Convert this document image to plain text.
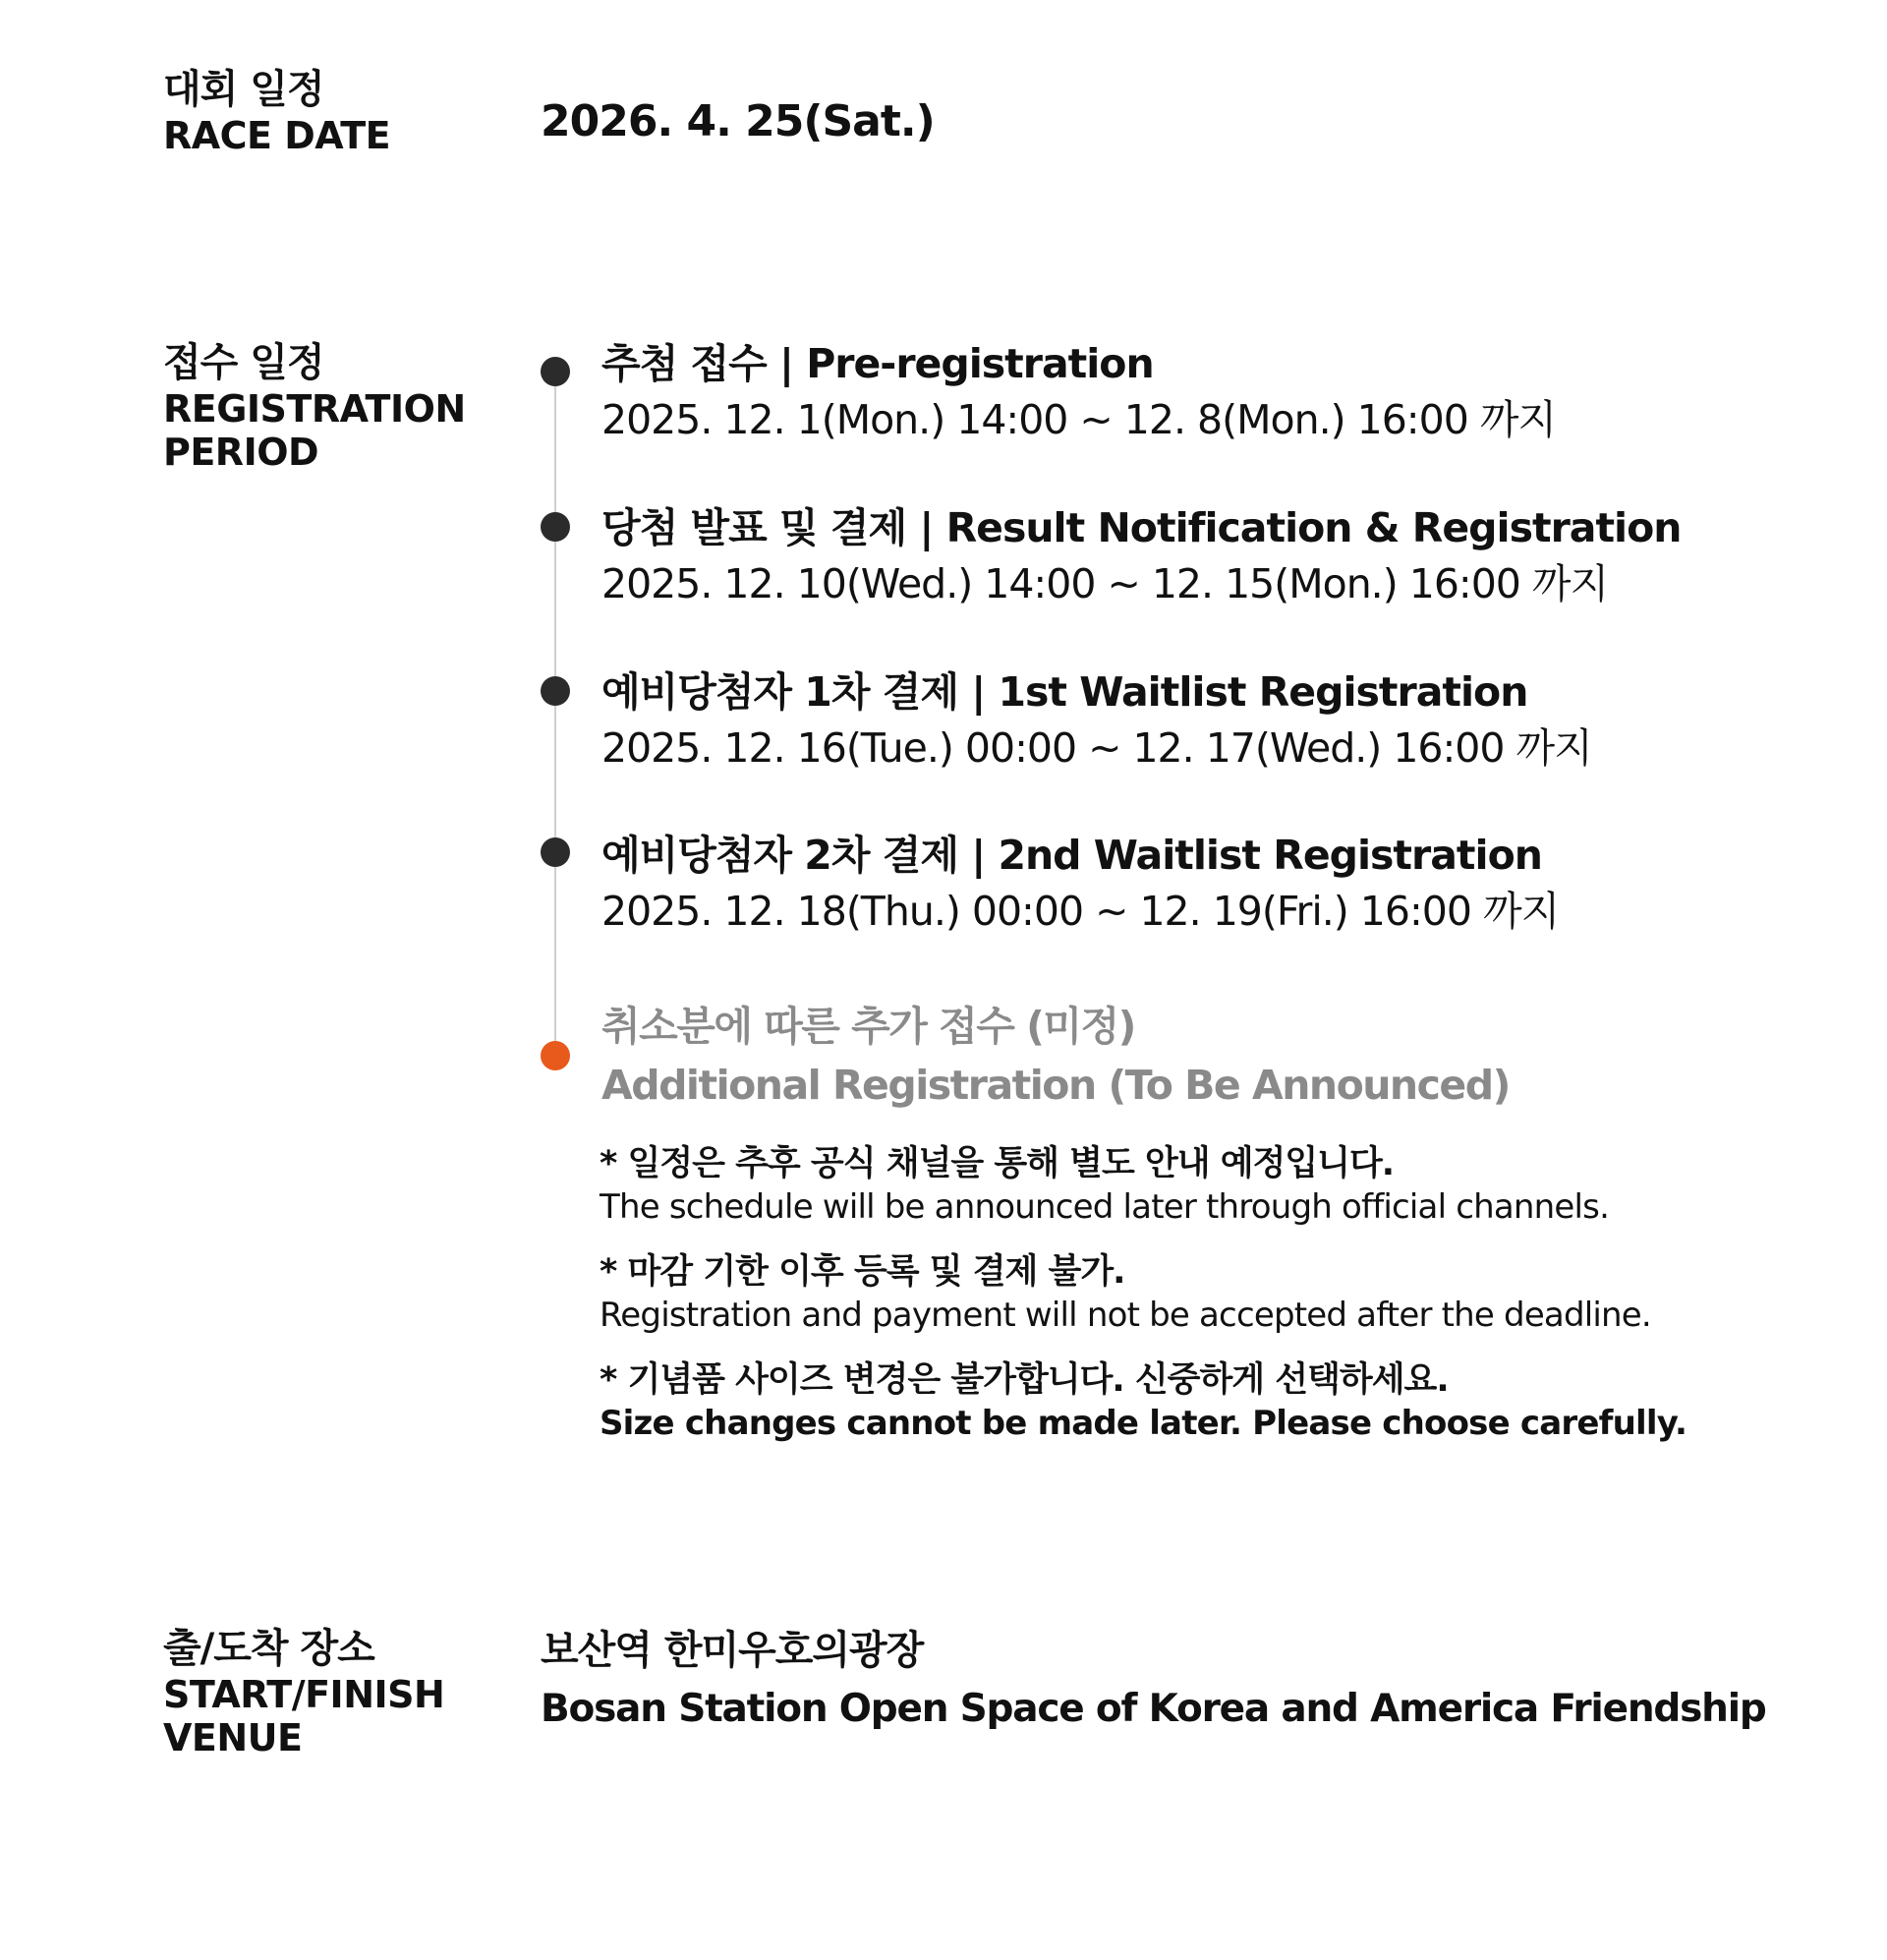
대회 일정
RACE DATE	2026. 4. 25(Sat.)
접수 일정
REGISTRATION
PERIOD
추첨 접수 | Pre-registration
2025. 12. 1(Mon.) 14:00 ~ 12. 8(Mon.) 16:00 까지
당첨 발표 및 결제 | Result Notification & Registration
2025. 12. 10(Wed.) 14:00 ~ 12. 15(Mon.) 16:00 까지
예비당첨자 1차 결제 | 1st Waitlist Registration
2025. 12. 16(Tue.) 00:00 ~ 12. 17(Wed.) 16:00 까지
예비당첨자 2차 결제 | 2nd Waitlist Registration
2025. 12. 18(Thu.) 00:00 ~ 12. 19(Fri.) 16:00 까지
취소분에 따른 추가 접수 (미정)
Additional Registration (To Be Announced)
* 일정은 추후 공식 채널을 통해 별도 안내 예정입니다.
The schedule will be announced later through official channels.
* 마감 기한 이후 등록 및 결제 불가.
Registration and payment will not be accepted after the deadline.
* 기념품 사이즈 변경은 불가합니다. 신중하게 선택하세요.
Size changes cannot be made later. Please choose carefully.
출/도착 장소
START/FINISH
VENUE
보산역 한미우호의광장
Bosan Station Open Space of Korea and America Friendship
